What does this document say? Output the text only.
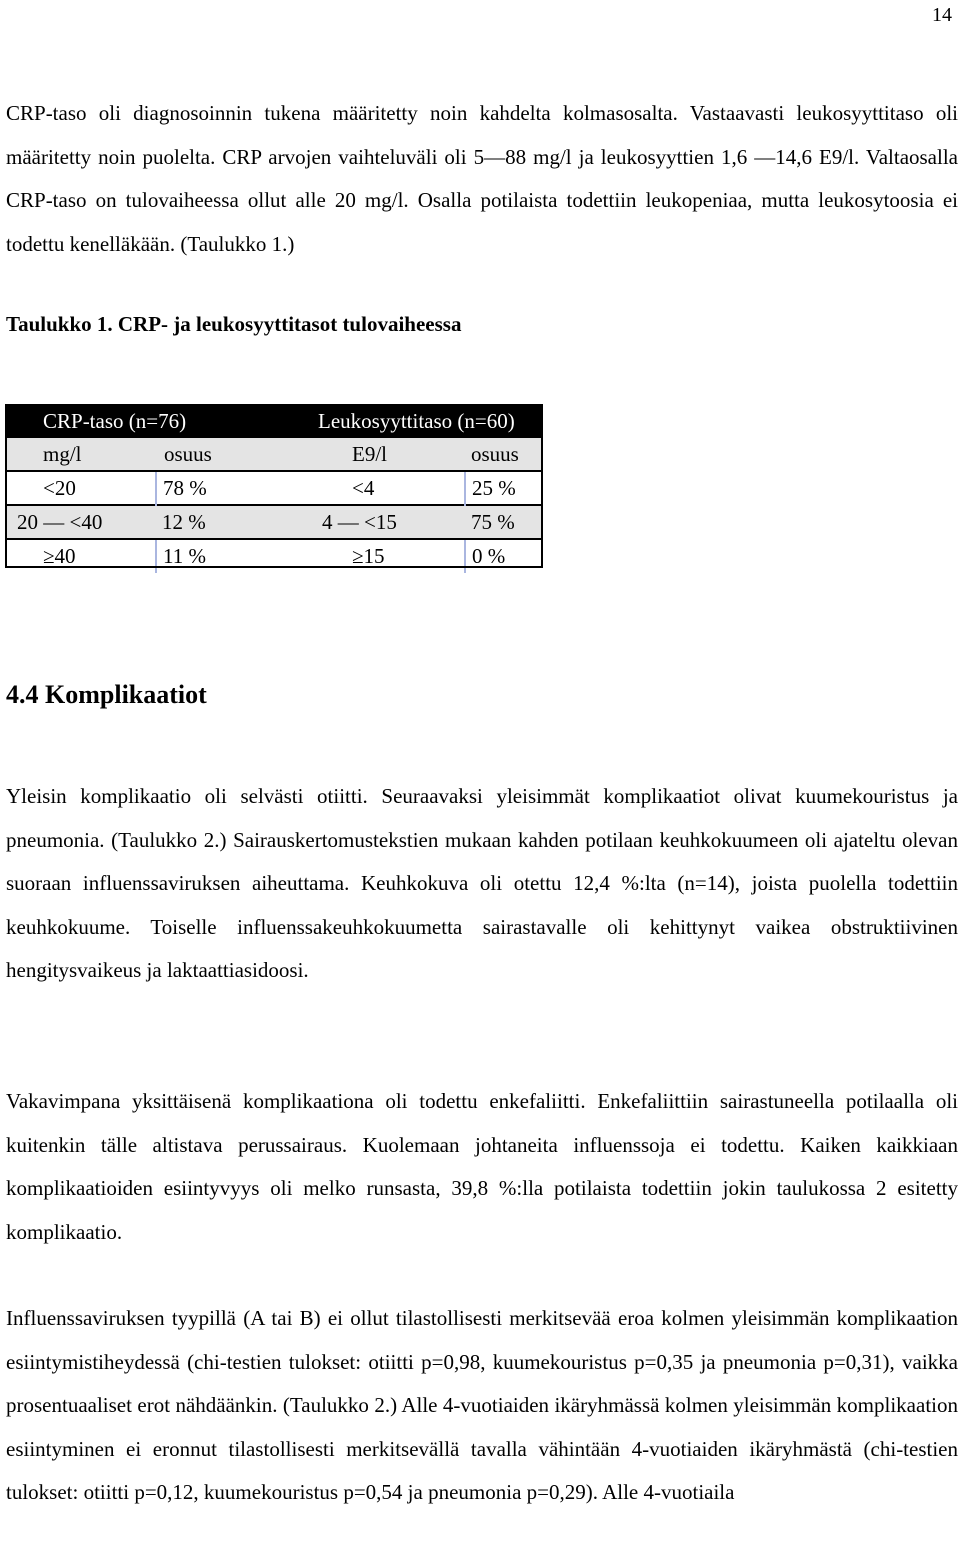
14

CRP-taso oli diagnosoinnin tukena määritetty noin kahdelta kolmasosalta. Vastaavasti leukosyyttitaso oli määritetty noin puolelta. CRP arvojen vaihteluväli oli 5—88 mg/l ja leukosyyttien 1,6 —14,6 E9/l. Valtaosalla CRP-taso on tulovaiheessa ollut alle 20 mg/l. Osalla potilaista todettiin leukopeniaa, mutta leukosytoosia ei todettu kenelläkään. (Taulukko 1.)

Taulukko 1. CRP- ja leukosyyttitasot tulovaiheessa
CRP-taso (n=76)		Leukosyyttitaso (n=60)	
mg/l	osuus	E9/l	osuus
<20	78 %	<4	25 %
20 — <40	12 %	4 — <15	75 %
≥40	11 %	≥15	0 %
4.4 Komplikaatiot

Yleisin komplikaatio oli selvästi otiitti. Seuraavaksi yleisimmät komplikaatiot olivat kuumekouristus ja pneumonia. (Taulukko 2.) Sairauskertomustekstien mukaan kahden potilaan keuhkokuumeen oli ajateltu olevan suoraan influenssaviruksen aiheuttama. Keuhkokuva oli otettu 12,4 %:lta (n=14), joista puolella todettiin keuhkokuume. Toiselle influenssakeuhkokuumetta sairastavalle oli kehittynyt vaikea obstruktiivinen hengitysvaikeus ja laktaattiasidoosi.

Vakavimpana yksittäisenä komplikaationa oli todettu enkefaliitti. Enkefaliittiin sairastuneella potilaalla oli kuitenkin tälle altistava perussairaus. Kuolemaan johtaneita influenssoja ei todettu. Kaiken kaikkiaan komplikaatioiden esiintyvyys oli melko runsasta, 39,8 %:lla potilaista todettiin jokin taulukossa 2 esitetty komplikaatio.

Influenssaviruksen tyypillä (A tai B) ei ollut tilastollisesti merkitsevää eroa kolmen yleisimmän komplikaation esiintymistiheydessä (chi-testien tulokset: otiitti p=0,98, kuumekouristus p=0,35 ja pneumonia p=0,31), vaikka prosentuaaliset erot nähdäänkin. (Taulukko 2.) Alle 4-vuotiaiden ikäryhmässä kolmen yleisimmän komplikaation esiintyminen ei eronnut tilastollisesti merkitsevällä tavalla vähintään 4-vuotiaiden ikäryhmästä (chi-testien tulokset: otiitti p=0,12, kuumekouristus p=0,54 ja pneumonia p=0,29). Alle 4-vuotiaila
